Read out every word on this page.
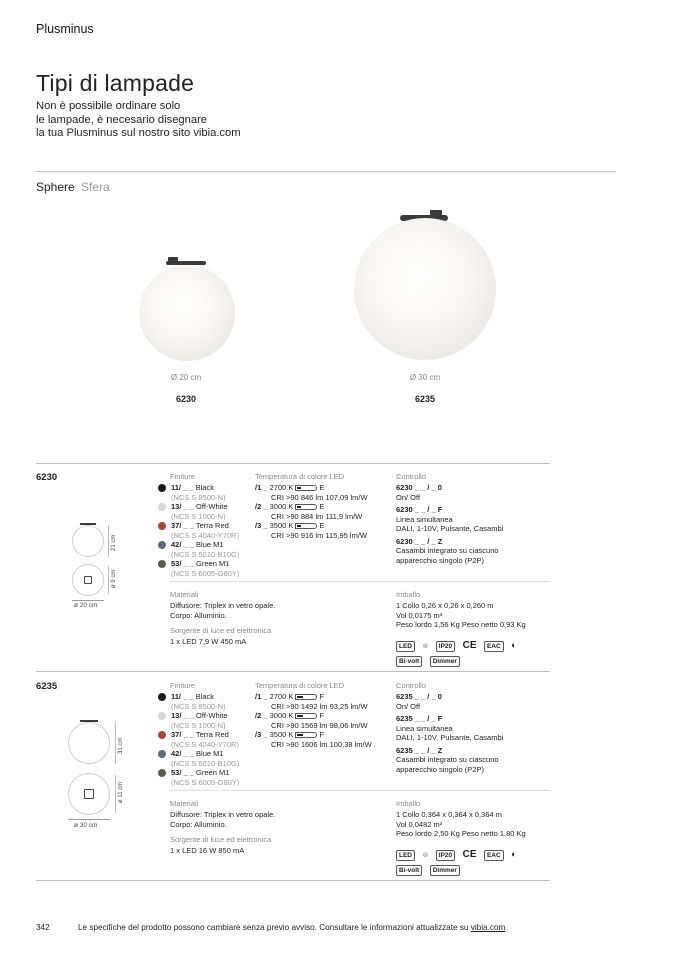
Plusminus
Tipi di lampade
Non è possibile ordinare solo
le lampade, è necesario disegnare
la tua Plusminus sul nostro sito vibia.com
Sphere Sfera
Ø 20 cm
6230
Ø 30 cm
6235
6230
21 cm
ø 9 cm
ø 20 cm
Finiture
11/ _ _ Black
(NCS S 8500-N)
13/ _ _ Off-White
(NCS S 1000-N)
37/ _ _ Terra Red
(NCS S 4040-Y70R)
42/ _ _ Blue M1
(NCS S 5010-B10G)
53/ _ _ Green M1
(NCS S 6005-G80Y)
Temperatura di colore LED
/1 _ 2700 K	E
CRI >90 846 lm 107,09 lm/W
/2 _ 3000 K	E
CRI >90 884 lm 111,9 lm/W
/3 _ 3500 K	E
CRI >90 916 lm 115,95 lm/W
Controllo
6230 _ _ / _ 0
On/ Off
6230 _ _ / _ F
Linea simultanea
DALI, 1-10V, Pulsante, Casambi
6230 _ _ / _ Z
Casambi integrato su ciascuno
apparecchio singolo (P2P)
Materiali
Diffusore: Triplex in vetro opale.
Corpo: Alluminio.
Sorgente di luce ed elettronica
1 x LED 7,9 W 450 mA
Imballo
1 Collo 0,26 x 0,26 x 0,260 m
Vol 0,0175 m³
Peso lordo 1,56 Kg Peso netto 0,93 Kg
LED ⊛ IP20 CE EAC ◐
Bi-volt Dimmer
6235
31 cm
ø 11 cm
ø 30 cm
Finiture
11/ _ _ Black
(NCS S 8500-N)
13/ _ _ Off-White
(NCS S 1000-N)
37/ _ _ Terra Red
(NCS S 4040-Y70R)
42/ _ _ Blue M1
(NCS S 5010-B10G)
53/ _ _ Green M1
(NCS S 6005-G80Y)
Temperatura di colore LED
/1 _ 2700 K	F
CRI >90 1492 lm 93,25 lm/W
/2 _ 3000 K	F
CRI >90 1569 lm 98,06 lm/W
/3 _ 3500 K	F
CRI >90 1606 lm 100,38 lm/W
Controllo
6235 _ _ / _ 0
On/ Off
6235 _ _ / _ F
Linea simultanea
DALI, 1-10V, Pulsante, Casambi
6235 _ _ / _ Z
Casambi integrato su ciascuno
apparecchio singolo (P2P)
Materiali
Diffusore: Triplex in vetro opale.
Corpo: Alluminio.
Sorgente di luce ed elettronica
1 x LED 16 W 850 mA
Imballo
1 Collo 0,364 x 0,364 x 0,364 m
Vol 0,0482 m³
Peso lordo 2,50 Kg Peso netto 1,80 Kg
LED ⊛ IP20 CE EAC ◐
Bi-volt Dimmer
342	Le specifiche del prodotto possono cambiare senza previo avviso. Consultare le informazioni attualizzate su vibia.com
